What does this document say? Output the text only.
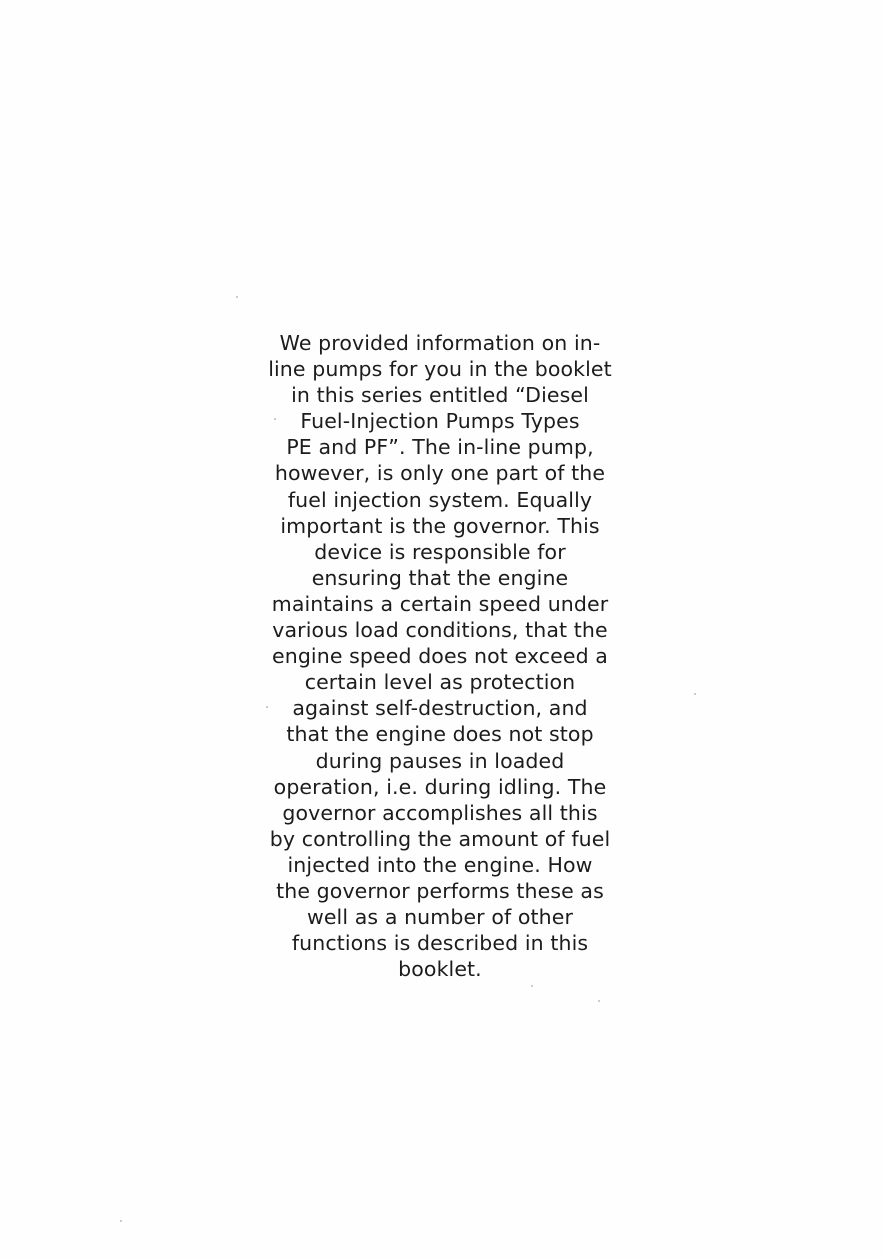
We provided information on in-
line pumps for you in the booklet
in this series entitled “Diesel
Fuel-Injection Pumps Types
PE and PF”. The in-line pump,
however, is only one part of the
fuel injection system. Equally
important is the governor. This
device is responsible for
ensuring that the engine
maintains a certain speed under
various load conditions, that the
engine speed does not exceed a
certain level as protection
against self-destruction, and
that the engine does not stop
during pauses in loaded
operation, i.e. during idling. The
governor accomplishes all this
by controlling the amount of fuel
injected into the engine. How
the governor performs these as
well as a number of other
functions is described in this
booklet.
